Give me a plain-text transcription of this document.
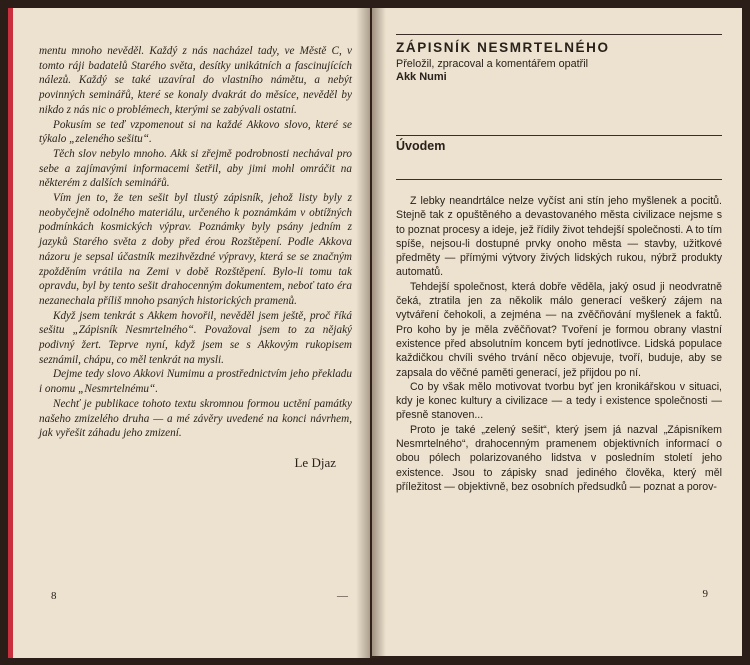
mentu mnoho nevěděl. Každý z nás nacházel tady, ve Městě C, v tomto ráji badatelů Starého světa, desítky unikátních a fascinujících nálezů. Každý se také uzavíral do vlastního námětu, a nebýt povinných seminářů, které se konaly dvakrát do měsíce, nevěděl by nikdo z nás nic o problémech, kterými se zabývali ostatní.

Pokusím se teď vzpomenout si na každé Akkovo slovo, které se týkalo „zeleného sešitu“.

Těch slov nebylo mnoho. Akk si zřejmě podrobnosti nechával pro sebe a zajímavými informacemi šetřil, aby jimi mohl omráčit na některém z dalších seminářů.

Vím jen to, že ten sešit byl tlustý zápisník, jehož listy byly z neobyčejně odolného materiálu, určeného k poznámkám v obtížných podmínkách kosmických výprav. Poznámky byly psány jedním z jazyků Starého světa z doby před érou Rozštěpení. Podle Akkova názoru je sepsal účastník mezihvězdné výpravy, která se se značným zpožděním vrátila na Zemi v době Rozštěpení. Bylo-li tomu tak opravdu, byl by tento sešit drahocenným dokumentem, neboť tato éra nezanechala příliš mnoho psaných historických pramenů.

Když jsem tenkrát s Akkem hovořil, nevěděl jsem ještě, proč říká sešitu „Zápisník Nesmrtelného“. Považoval jsem to za nějaký podivný žert. Teprve nyní, když jsem se s Akkovým rukopisem seznámil, chápu, co měl tenkrát na mysli.

Dejme tedy slovo Akkovi Numimu a prostřednictvím jeho překladu i onomu „Nesmrtelnému“.

Nechť je publikace tohoto textu skromnou formou uctění památky našeho zmizelého druha — a mé závěry uvedené na konci návrhem, jak vyřešit záhadu jeho zmizení.

Le Djaz

8	—
ZÁPISNÍK NESMRTELNÉHO
Přeložil, zpracoval a komentářem opatřil
Akk Numi
Úvodem

Z lebky neandrtálce nelze vyčíst ani stín jeho myšlenek a pocitů. Stejně tak z opuštěného a devastovaného města civilizace nejsme s to poznat procesy a ideje, jež řídily život tehdejší společnosti. A to tím spíše, nejsou-li dostupné prvky onoho města — stavby, užitkové předměty — přímými výtvory živých lidských rukou, nýbrž produkty automatů.

Tehdejší společnost, která dobře věděla, jaký osud ji neodvratně čeká, ztratila jen za několik málo generací veškerý zájem na vytváření čehokoli, a zejména — na zvěčňování myšlenek a faktů. Pro koho by je měla zvěčňovat? Tvoření je formou obrany vlastní existence před absolutním koncem bytí jednotlivce. Lidská populace každičkou chvíli svého trvání něco objevuje, tvoří, buduje, aby se zapsala do věčné paměti generací, jež přijdou po ní.

Co by však mělo motivovat tvorbu byť jen kronikářskou v situaci, kdy je konec kultury a civilizace — a tedy i existence společnosti — přesně stanoven...

Proto je také „zelený sešit“, který jsem já nazval „Zápisníkem Nesmrtelného“, drahocenným pramenem objektivních informací o obou pólech polarizovaného lidstva v posledním století jeho existence. Jsou to zápisky snad jediného člověka, který měl příležitost — objektivně, bez osobních předsudků — poznat a porov-

9
